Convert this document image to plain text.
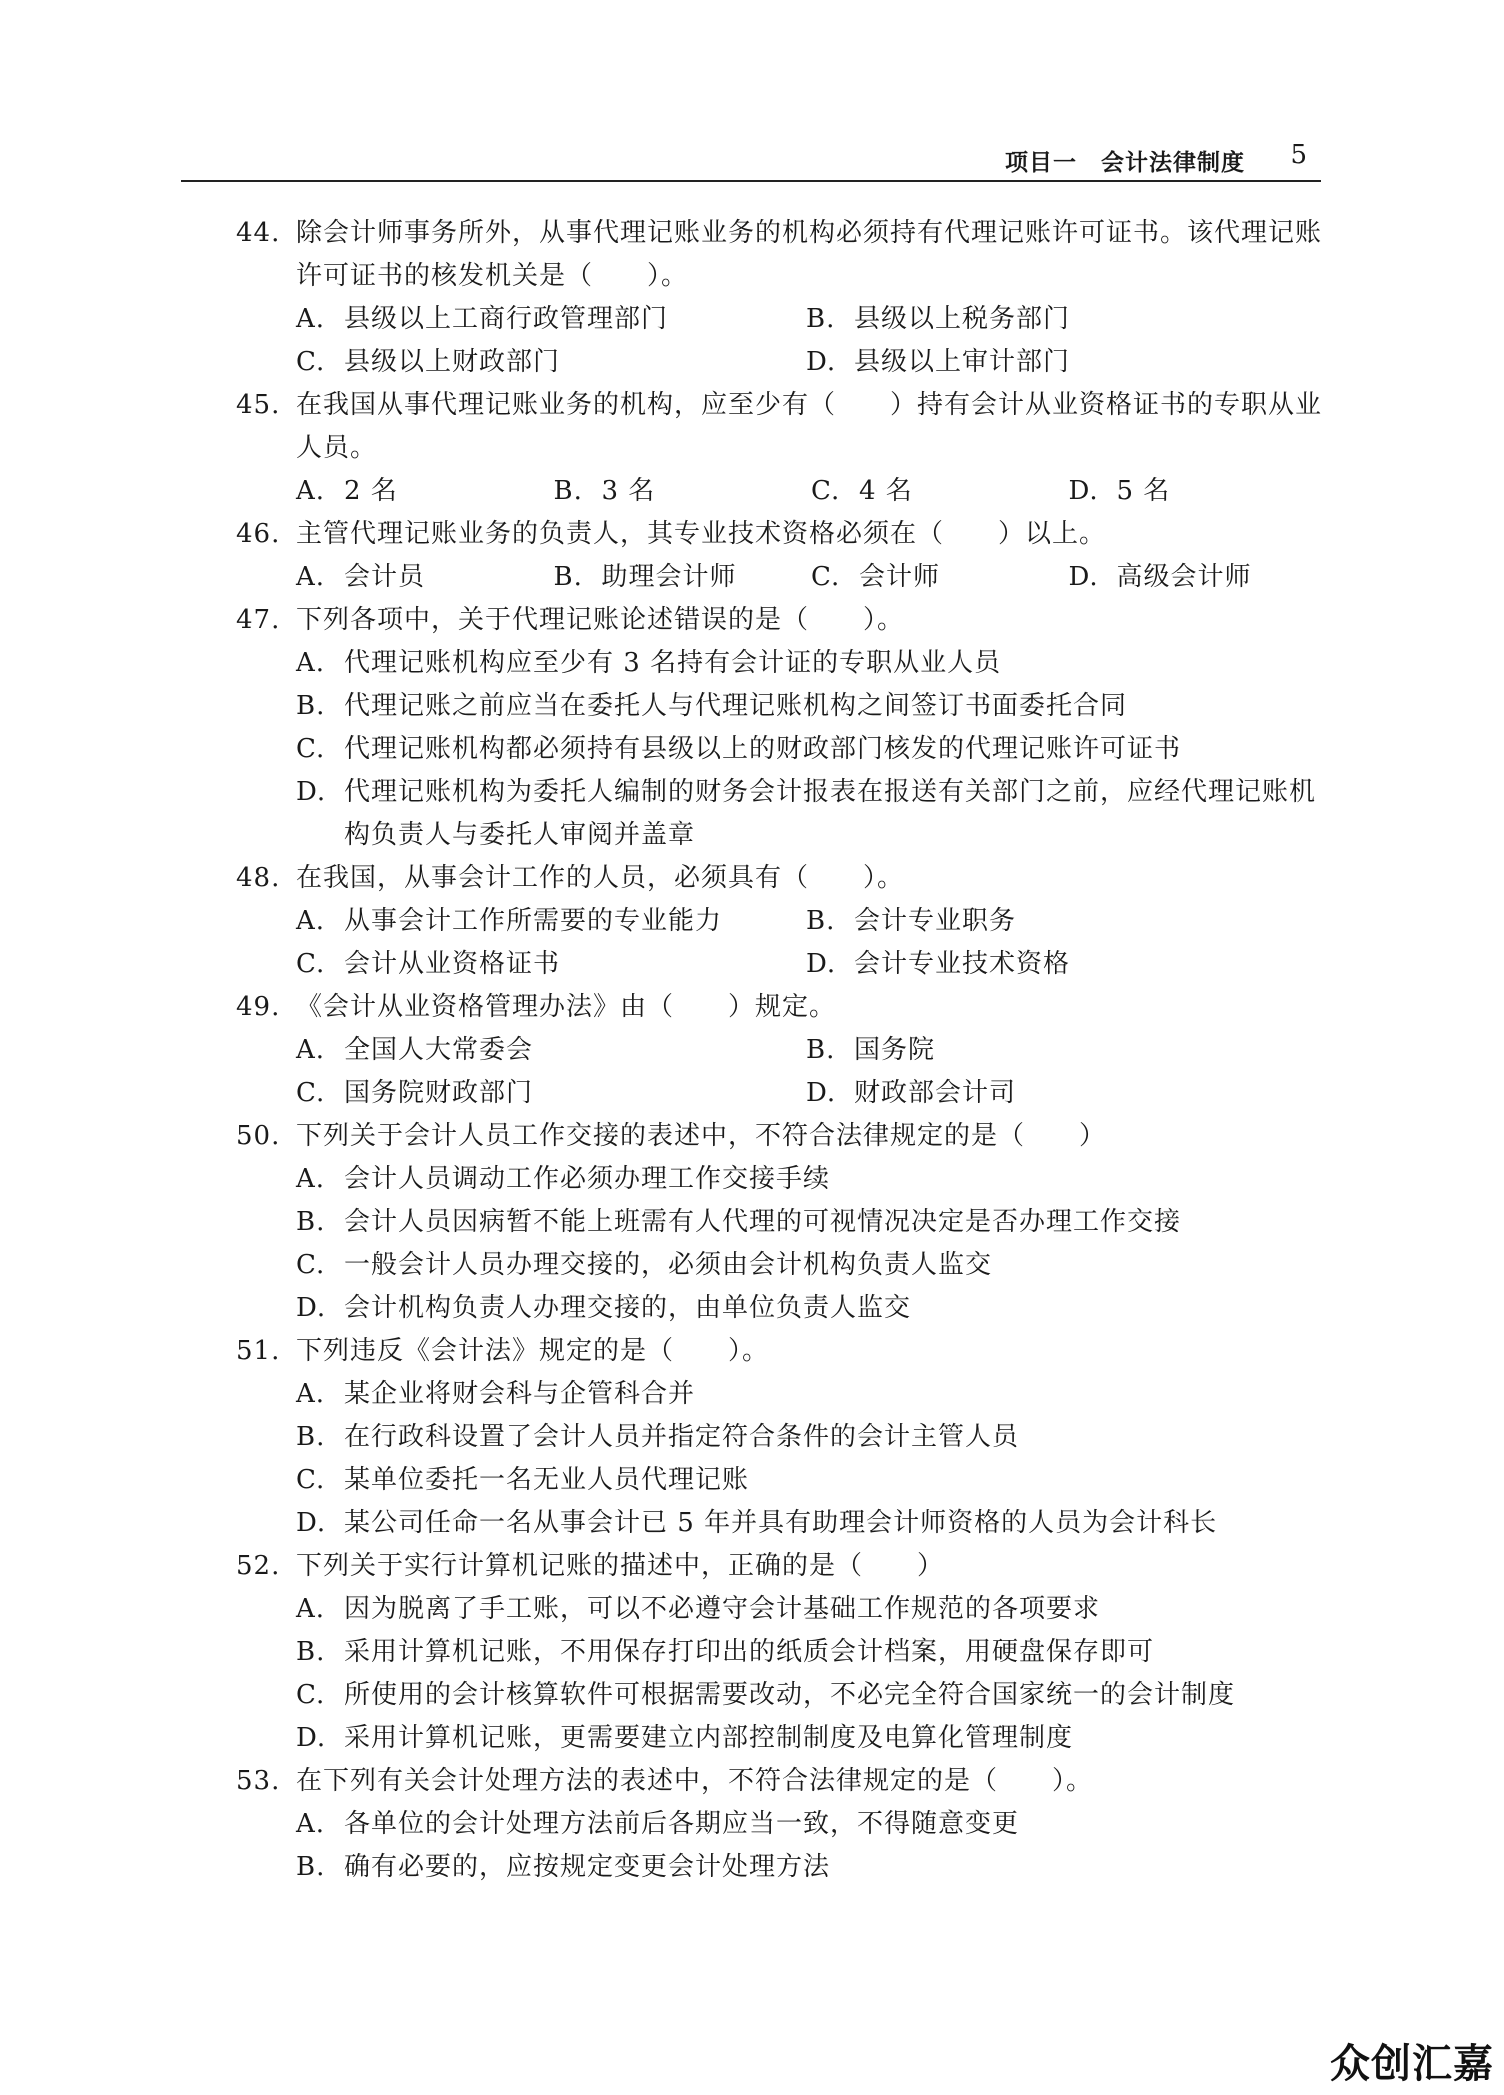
项目一　会计法律制度 5
44. 除会计师事务所外，从事代理记账业务的机构必须持有代理记账许可证书。该代理记账许可证书的核发机关是（　　）。
A. 县级以上工商行政管理部门	B. 县级以上税务部门
C. 县级以上财政部门	D. 县级以上审计部门
45. 在我国从事代理记账业务的机构，应至少有（　　）持有会计从业资格证书的专职从业人员。
A. 2 名	B. 3 名	C. 4 名	D. 5 名
46. 主管代理记账业务的负责人，其专业技术资格必须在（　　）以上。
A. 会计员	B. 助理会计师	C. 会计师	D. 高级会计师
47. 下列各项中，关于代理记账论述错误的是（　　）。
A. 代理记账机构应至少有 3 名持有会计证的专职从业人员
B. 代理记账之前应当在委托人与代理记账机构之间签订书面委托合同
C. 代理记账机构都必须持有县级以上的财政部门核发的代理记账许可证书
D. 代理记账机构为委托人编制的财务会计报表在报送有关部门之前，应经代理记账机构负责人与委托人审阅并盖章
48. 在我国，从事会计工作的人员，必须具有（　　）。
A. 从事会计工作所需要的专业能力	B. 会计专业职务
C. 会计从业资格证书	D. 会计专业技术资格
49. 《会计从业资格管理办法》由（　　）规定。
A. 全国人大常委会	B. 国务院
C. 国务院财政部门	D. 财政部会计司
50. 下列关于会计人员工作交接的表述中，不符合法律规定的是（　　）
A. 会计人员调动工作必须办理工作交接手续
B. 会计人员因病暂不能上班需有人代理的可视情况决定是否办理工作交接
C. 一般会计人员办理交接的，必须由会计机构负责人监交
D. 会计机构负责人办理交接的，由单位负责人监交
51. 下列违反《会计法》规定的是（　　）。
A. 某企业将财会科与企管科合并
B. 在行政科设置了会计人员并指定符合条件的会计主管人员
C. 某单位委托一名无业人员代理记账
D. 某公司任命一名从事会计已 5 年并具有助理会计师资格的人员为会计科长
52. 下列关于实行计算机记账的描述中，正确的是（　　）
A. 因为脱离了手工账，可以不必遵守会计基础工作规范的各项要求
B. 采用计算机记账，不用保存打印出的纸质会计档案，用硬盘保存即可
C. 所使用的会计核算软件可根据需要改动，不必完全符合国家统一的会计制度
D. 采用计算机记账，更需要建立内部控制制度及电算化管理制度
53. 在下列有关会计处理方法的表述中，不符合法律规定的是（　　）。
A. 各单位的会计处理方法前后各期应当一致，不得随意变更
B. 确有必要的，应按规定变更会计处理方法
众创汇嘉
